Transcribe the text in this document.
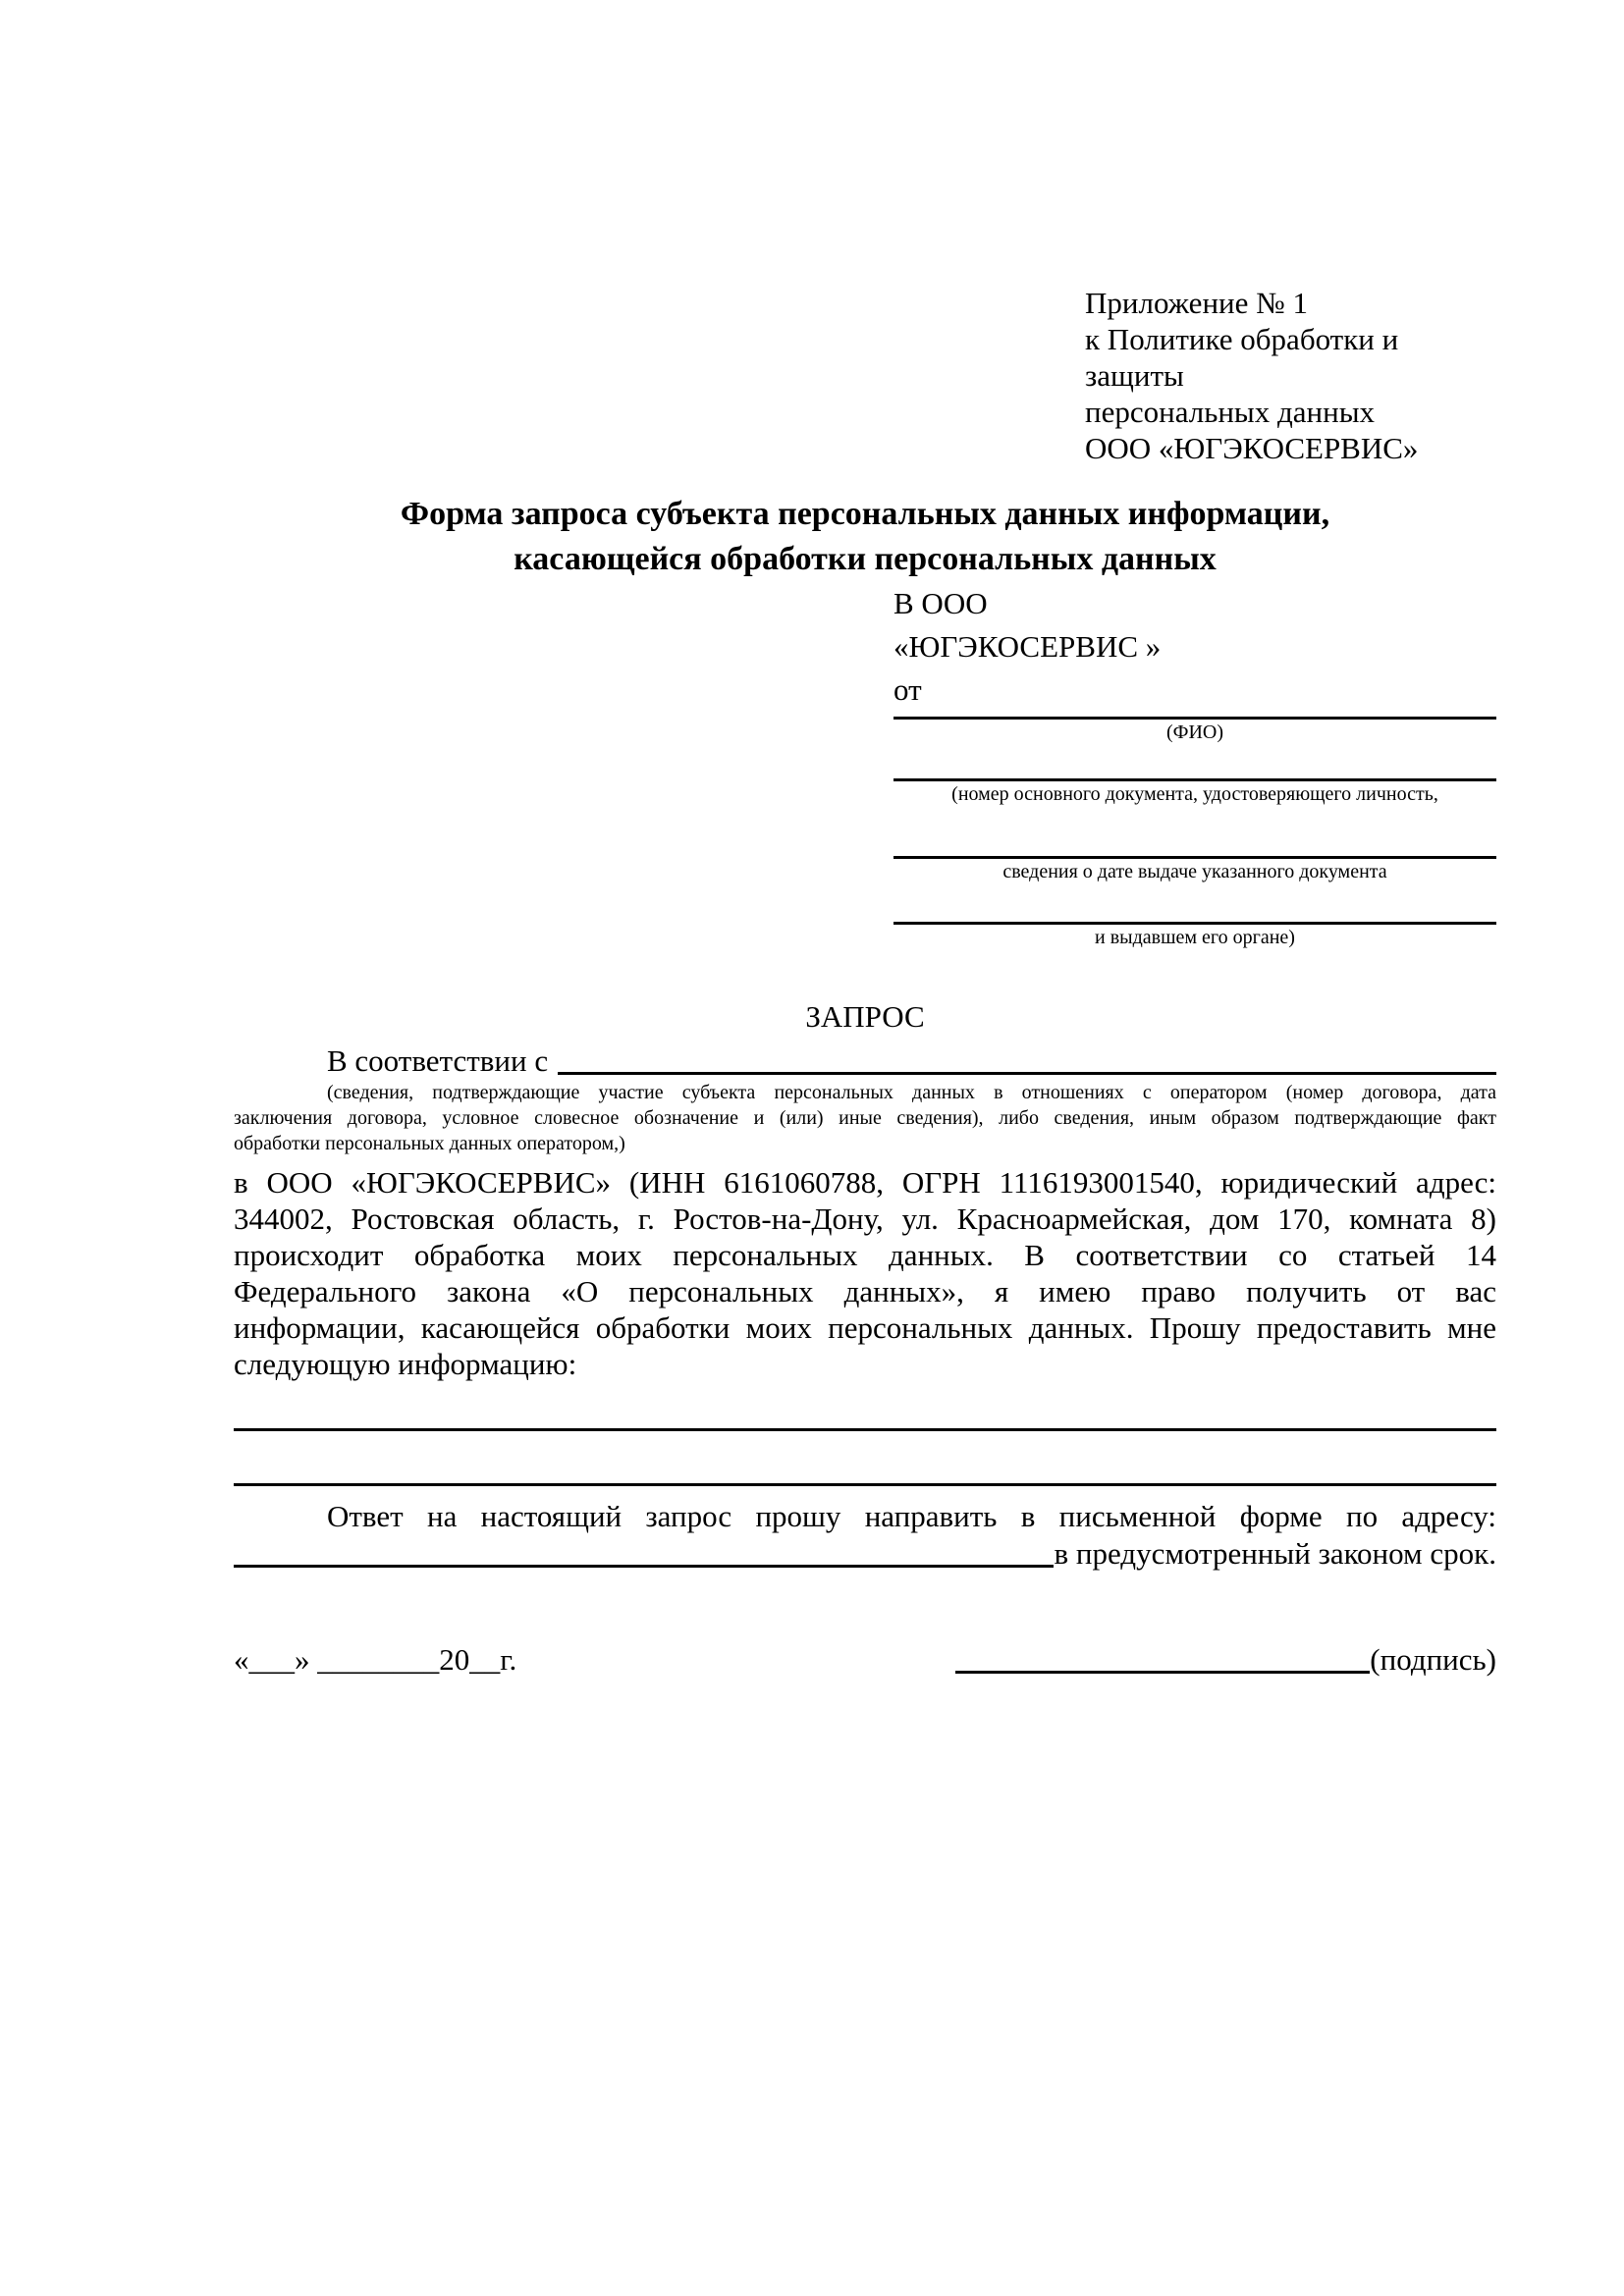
Приложение № 1
к Политике обработки и защиты
персональных данных
ООО «ЮГЭКОСЕРВИС»
Форма запроса субъекта персональных данных информации,
касающейся обработки персональных данных
В ООО
«ЮГЭКОСЕРВИС »
от
(ФИО)
(номер основного документа, удостоверяющего личность,
сведения о дате выдаче указанного документа
и выдавшем его органе)
ЗАПРОС
В соответствии с
(сведения, подтверждающие участие субъекта персональных данных в отношениях с оператором (номер договора, дата
заключения договора, условное словесное обозначение и (или) иные сведения), либо сведения, иным образом подтверждающие факт
обработки персональных данных оператором,)
в ООО «ЮГЭКОСЕРВИС» (ИНН 6161060788, ОГРН 1116193001540, юридический адрес:
344002, Ростовская область, г. Ростов-на-Дону, ул. Красноармейская, дом 170, комната 8)
происходит обработка моих персональных данных. В соответствии со статьей 14
Федерального закона «О персональных данных», я имею право получить от вас
информации, касающейся обработки моих персональных данных. Прошу предоставить мне
следующую информацию:
Ответ на настоящий запрос прошу направить в письменной форме по адресу:
в предусмотренный законом срок.
«___» ________20__г.	(подпись)
